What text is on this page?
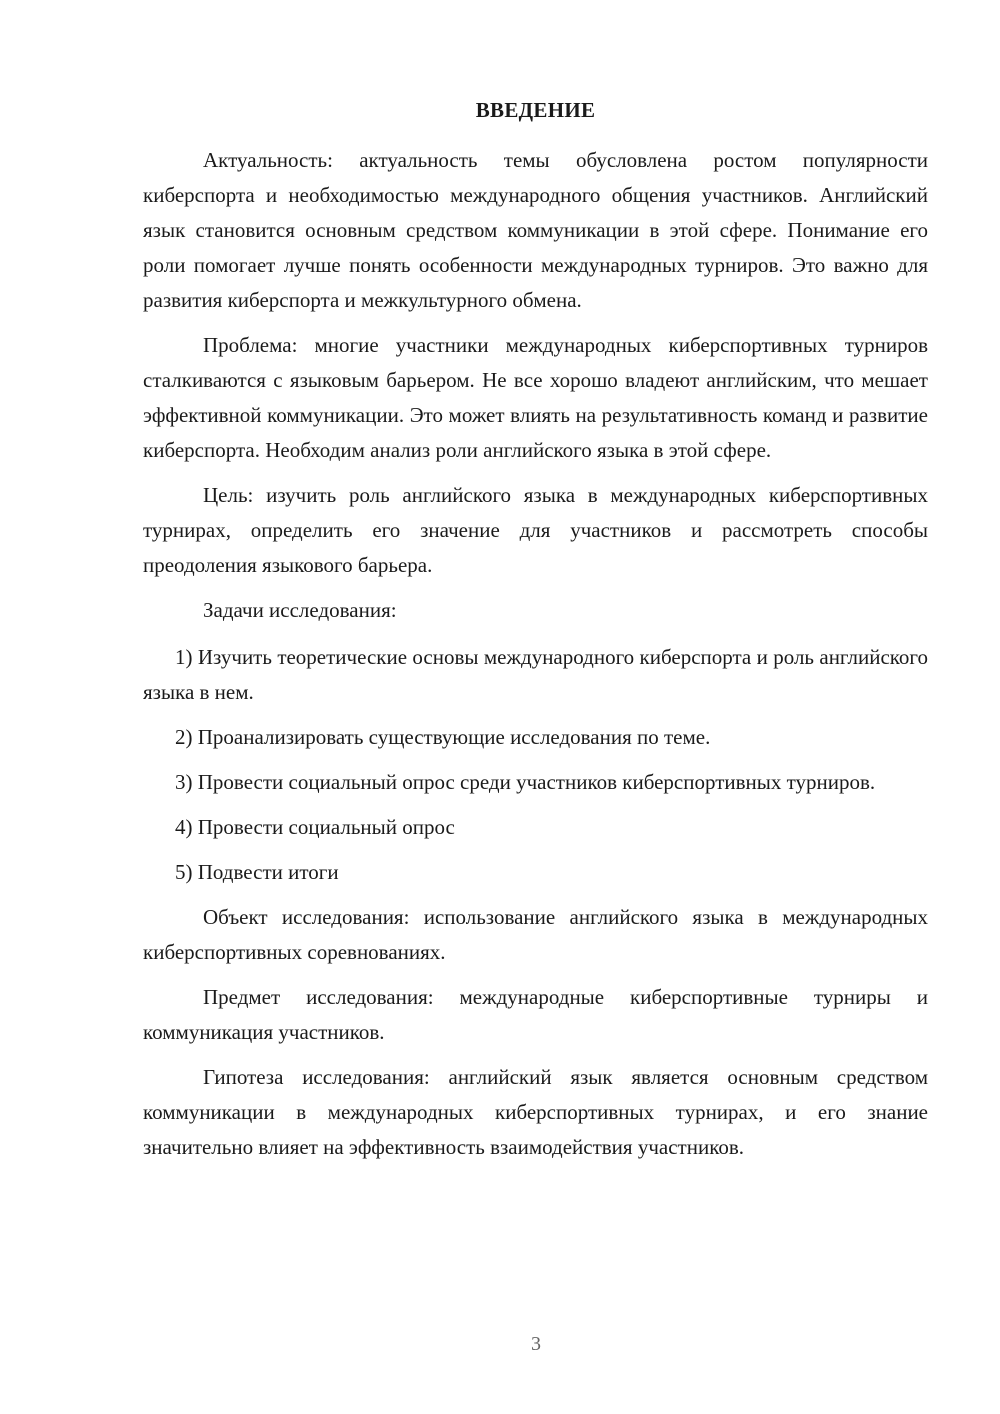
ВВЕДЕНИЕ

Актуальность: актуальность темы обусловлена ростом популярности киберспорта и необходимостью международного общения участников. Английский язык становится основным средством коммуникации в этой сфере. Понимание его роли помогает лучше понять особенности международных турниров. Это важно для развития киберспорта и межкультурного обмена.

Проблема: многие участники международных киберспортивных турниров сталкиваются с языковым барьером. Не все хорошо владеют английским, что мешает эффективной коммуникации. Это может влиять на результативность команд и развитие киберспорта. Необходим анализ роли английского языка в этой сфере.

Цель: изучить роль английского языка в международных киберспортивных турнирах, определить его значение для участников и рассмотреть способы преодоления языкового барьера.

Задачи исследования:

1) Изучить теоретические основы международного киберспорта и роль английского языка в нем.

2) Проанализировать существующие исследования по теме.

3) Провести социальный опрос среди участников киберспортивных турниров.

4) Провести социальный опрос

5) Подвести итоги

Объект исследования: использование английского языка в международных киберспортивных соревнованиях.

Предмет исследования: международные киберспортивные турниры и коммуникация участников.

Гипотеза исследования: английский язык является основным средством коммуникации в международных киберспортивных турнирах, и его знание значительно влияет на эффективность взаимодействия участников.

3
